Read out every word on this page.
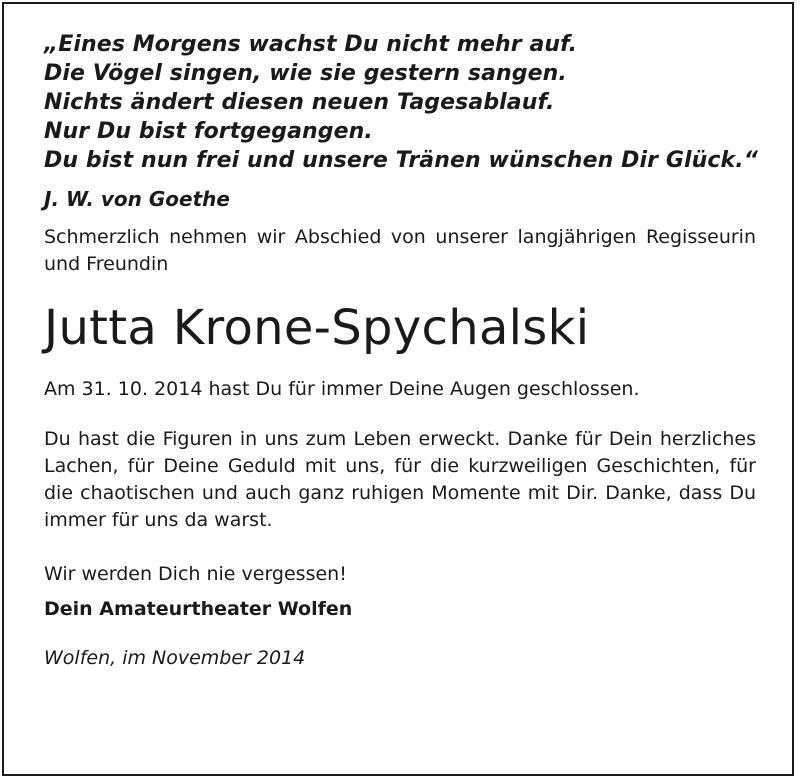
„Eines Morgens wachst Du nicht mehr auf.
Die Vögel singen, wie sie gestern sangen.
Nichts ändert diesen neuen Tagesablauf.
Nur Du bist fortgegangen.
Du bist nun frei und unsere Tränen wünschen Dir Glück.“

J. W. von Goethe
Schmerzlich nehmen wir Abschied von unserer langjährigen Regisseurin und Freundin
Jutta Krone-Spychalski
Am 31. 10. 2014 hast Du für immer Deine Augen geschlossen.
Du hast die Figuren in uns zum Leben erweckt. Danke für Dein herzliches Lachen, für Deine Geduld mit uns, für die kurzweiligen Geschichten, für die chaotischen und auch ganz ruhigen Momente mit Dir. Danke, dass Du immer für uns da warst.
Wir werden Dich nie vergessen!
Dein Amateurtheater Wolfen
Wolfen, im November 2014
